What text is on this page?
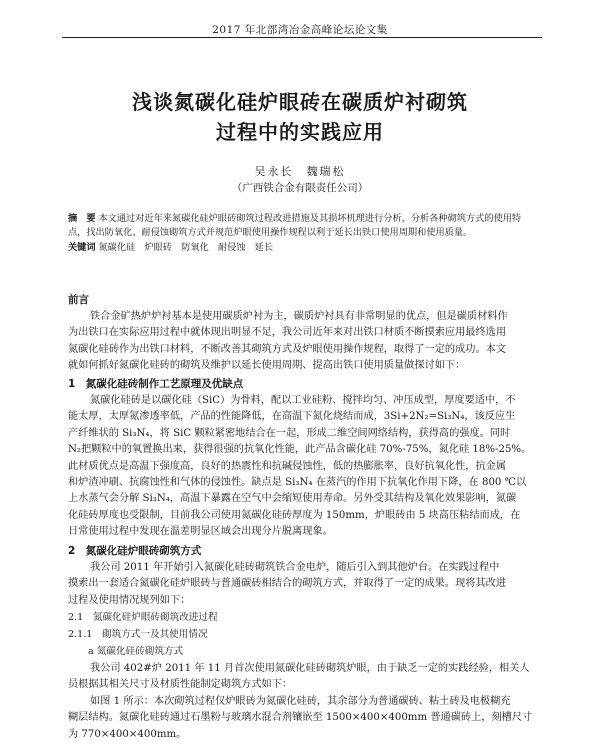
2017 年北部湾冶金高峰论坛论文集
浅谈氮碳化硅炉眼砖在碳质炉衬砌筑
过程中的实践应用
吴永长　魏瑞松
（广西铁合金有限责任公司）
摘　要 本文通过对近年来氮碳化硅炉眼砖砌筑过程改进措施及其损坏机理进行分析，分析各种砌筑方式的使用特
点，找出防氧化、耐侵蚀砌筑方式并规范炉眼使用操作规程以利于延长出铁口使用周期和使用质量。
关键词 氮碳化硅　炉眼砖　防氧化　耐侵蚀　延长
前言
铁合金矿热炉炉衬基本是使用碳质炉衬为主，碳质炉衬具有非常明显的优点，但是碳质材料作
为出铁口在实际应用过程中就体现出明显不足，我公司近年来对出铁口材质不断摸索应用最终选用
氮碳化硅砖作为出铁口材料，不断改善其砌筑方式及炉眼使用操作规程，取得了一定的成功。本文
就如何抓好氮碳化硅砖的砌筑及维护以延长使用周期、提高出铁口使用质量做探讨如下：
1　氮碳化硅砖制作工艺原理及优缺点
氮碳化硅砖是以碳化硅（SiC）为骨料，配以工业硅粉、搅拌均匀、冲压成型，厚度要适中，不
能太厚，太厚氮渗透率低，产品的性能降低，在高温下氮化烧结而成，3Si+2N₂=Si₃N₄，该反应生
产纤维状的 Si₃N₄，将 SiC 颗粒紧密地结合在一起，形成二维空间网络结构，获得高的强度。同时
N₂把颗粒中的氧置换出来，获得很强的抗氧化性能，此产品含碳化硅 70%-75%，氮化硅 18%-25%。
此材质优点是高温下强度高，良好的热震性和抗碱侵蚀性，低的热膨胀率，良好抗氧化性，抗金属
和炉渣冲刷、抗腐蚀性和气体的侵蚀性。缺点是 Si₃N₄ 在蒸汽的作用下抗氧化作用下降，在 800 ℃以
上水蒸气会分解 Si₃N₄，高温下暴露在空气中会缩短使用寿命。另外受其结构及氧化效果影响，氮碳
化硅砖厚度也受限制，目前我公司使用氮碳化硅砖厚度为 150mm，炉眼砖由 5 块高压粘结而成，在
日常使用过程中发现在温差明显区域会出现分片脱离现象。
2　氮碳化硅炉眼砖砌筑方式
我公司 2011 年开始引入氮碳化硅砖砌筑铁合金电炉，随后引入到其他炉台。在实践过程中
摸索出一套适合氮碳化硅炉眼砖与普通碳砖相结合的砌筑方式，并取得了一定的成果。现将其改进
过程及使用情况规列如下：
2.1　氮碳化硅炉眼砖砌筑改进过程
2.1.1　砌筑方式一及其使用情况
a 氮碳化硅砖砌筑方式
我公司 402#炉 2011 年 11 月首次使用氮碳化硅砖砌筑炉眼，由于缺乏一定的实践经验，相关人
员根据其相关尺寸及材质性能制定砌筑方式如下：
如图 1 所示：本次砌筑过程仅炉眼砖为氮碳化硅砖，其余部分为普通碳砖、粘土砖及电极糊充
糊层结构。氮碳化硅砖通过石墨粉与玻璃水混合剂镶嵌至 1500×400×400mm 普通碳砖上，刻槽尺寸
为 770×400×400mm。
